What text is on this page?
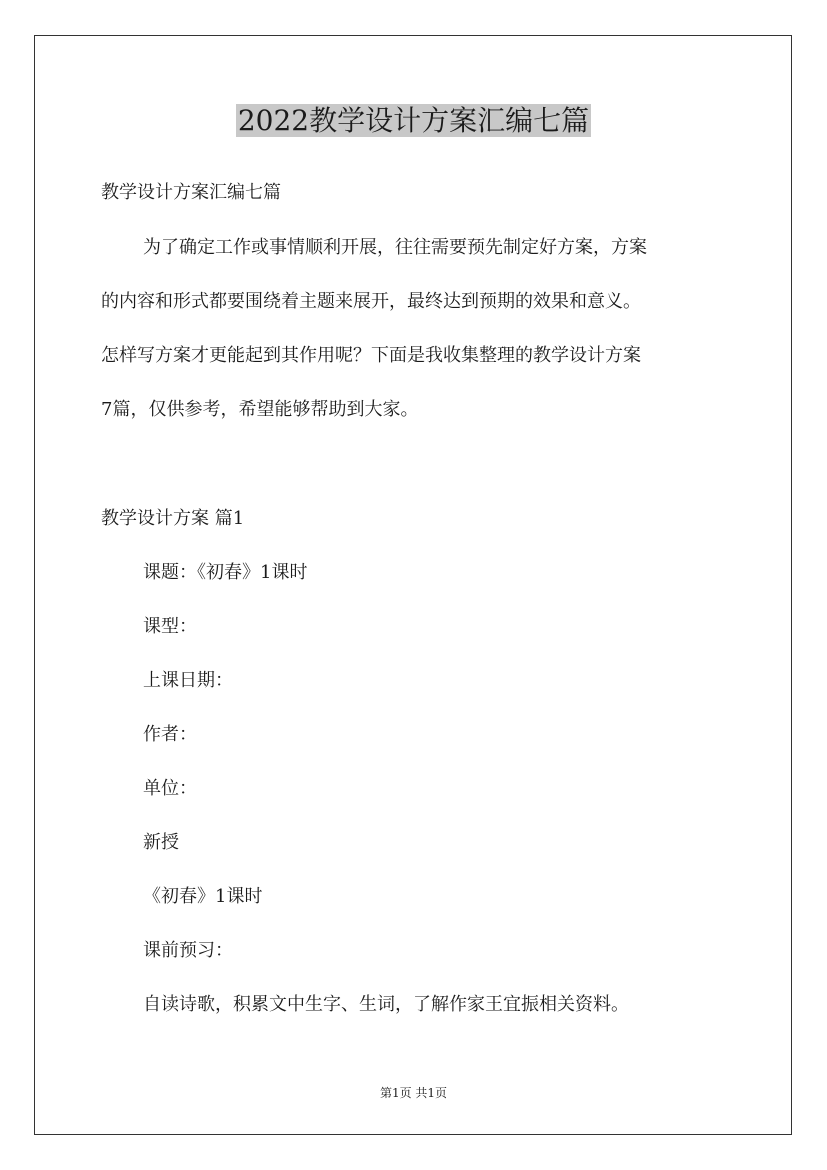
2022教学设计方案汇编七篇
教学设计方案汇编七篇
为了确定工作或事情顺利开展，往往需要预先制定好方案，方案
的内容和形式都要围绕着主题来展开，最终达到预期的效果和意义。
怎样写方案才更能起到其作用呢？下面是我收集整理的教学设计方案
7篇，仅供参考，希望能够帮助到大家。
教学设计方案 篇1
课题：《初春》1课时
课型：
上课日期：
作者：
单位：
新授
《初春》1课时
课前预习：
自读诗歌，积累文中生字、生词，了解作家王宜振相关资料。
第1页 共1页
